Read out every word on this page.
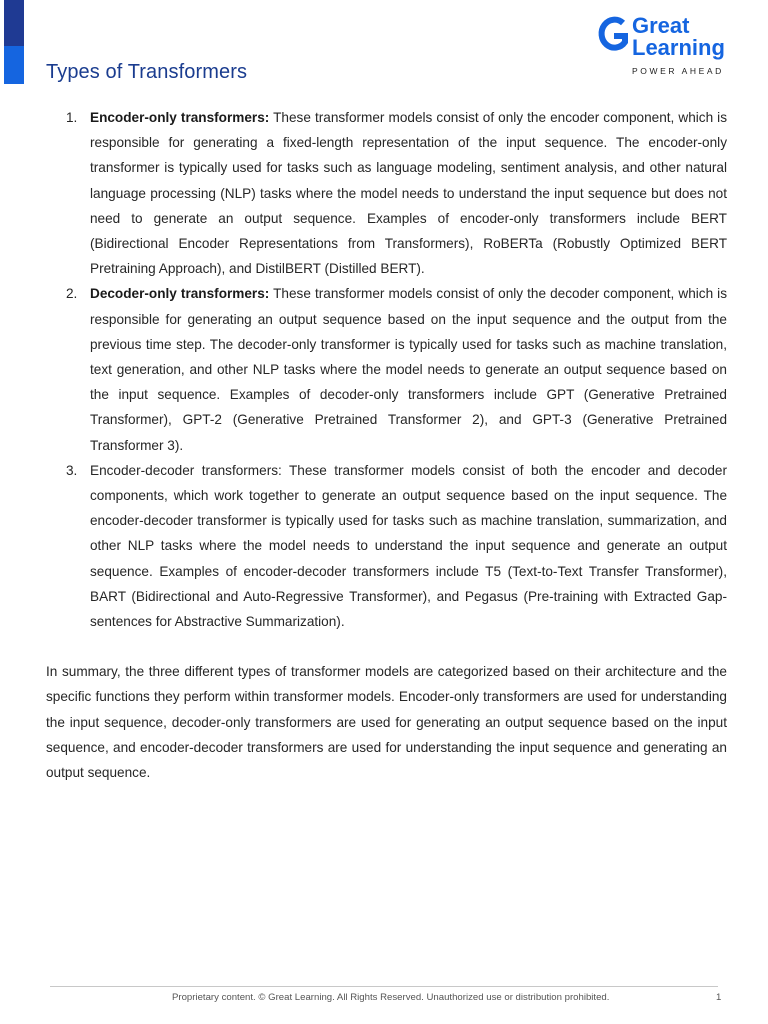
Types of Transformers
Great
Learning
POWER AHEAD
1. Encoder-only transformers: These transformer models consist of only the encoder component, which is responsible for generating a fixed-length representation of the input sequence. The encoder-only transformer is typically used for tasks such as language modeling, sentiment analysis, and other natural language processing (NLP) tasks where the model needs to understand the input sequence but does not need to generate an output sequence. Examples of encoder-only transformers include BERT (Bidirectional Encoder Representations from Transformers), RoBERTa (Robustly Optimized BERT Pretraining Approach), and DistilBERT (Distilled BERT).
2. Decoder-only transformers: These transformer models consist of only the decoder component, which is responsible for generating an output sequence based on the input sequence and the output from the previous time step. The decoder-only transformer is typically used for tasks such as machine translation, text generation, and other NLP tasks where the model needs to generate an output sequence based on the input sequence. Examples of decoder-only transformers include GPT (Generative Pretrained Transformer), GPT-2 (Generative Pretrained Transformer 2), and GPT-3 (Generative Pretrained Transformer 3).
3. Encoder-decoder transformers: These transformer models consist of both the encoder and decoder components, which work together to generate an output sequence based on the input sequence. The encoder-decoder transformer is typically used for tasks such as machine translation, summarization, and other NLP tasks where the model needs to understand the input sequence and generate an output sequence. Examples of encoder-decoder transformers include T5 (Text-to-Text Transfer Transformer), BART (Bidirectional and Auto-Regressive Transformer), and Pegasus (Pre-training with Extracted Gap-sentences for Abstractive Summarization).

In summary, the three different types of transformer models are categorized based on their architecture and the specific functions they perform within transformer models. Encoder-only transformers are used for understanding the input sequence, decoder-only transformers are used for generating an output sequence based on the input sequence, and encoder-decoder transformers are used for understanding the input sequence and generating an output sequence.

Proprietary content. © Great Learning. All Rights Reserved. Unauthorized use or distribution prohibited.	1
